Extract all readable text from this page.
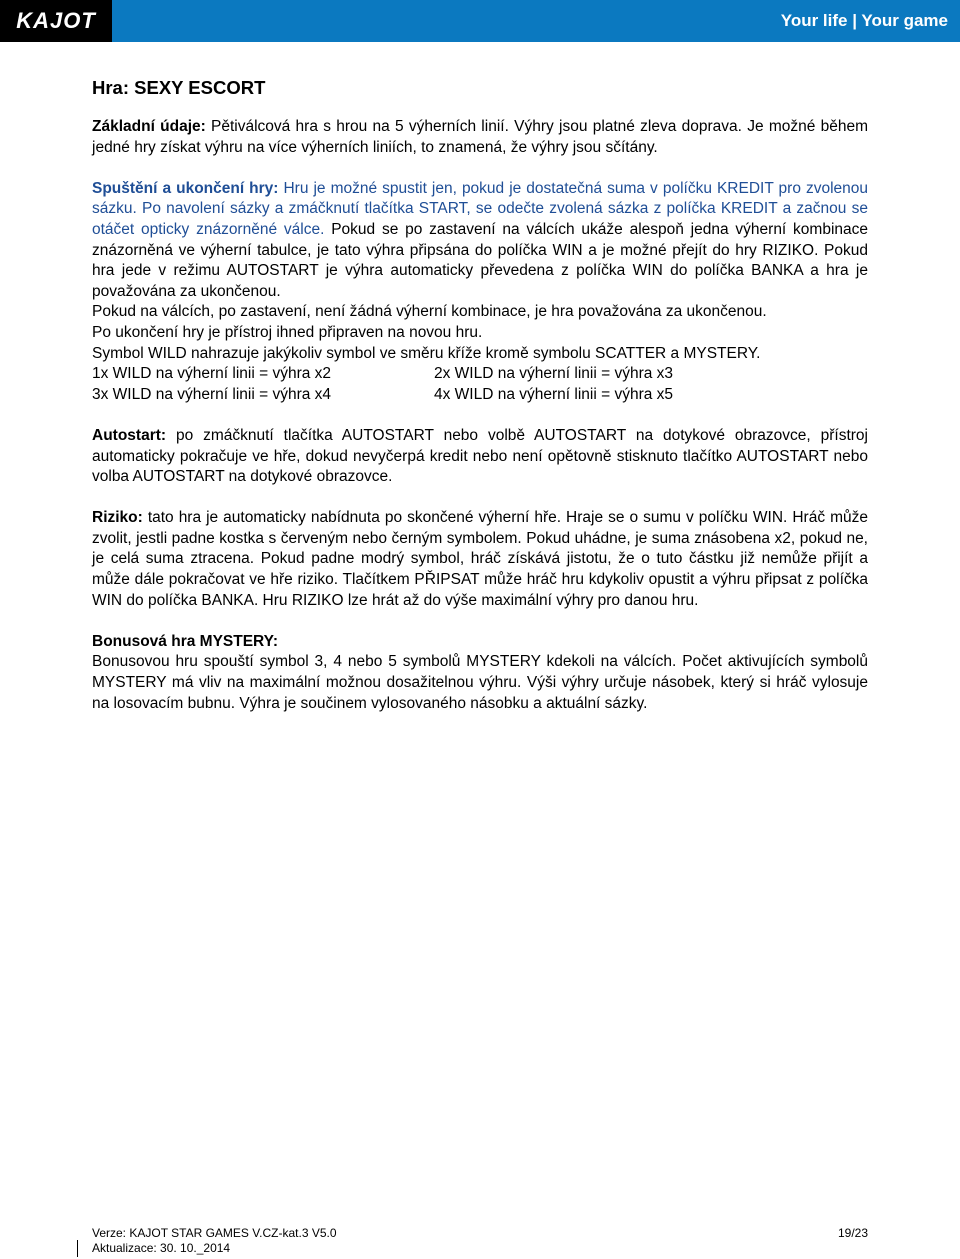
KAJOT	Your life | Your game
Hra: SEXY ESCORT

Základní údaje: Pětiválcová hra s hrou na 5 výherních linií. Výhry jsou platné zleva doprava. Je možné během jedné hry získat výhru na více výherních liniích, to znamená, že výhry jsou sčítány.

Spuštění a ukončení hry: Hru je možné spustit jen, pokud je dostatečná suma v políčku KREDIT pro zvolenou sázku. Po navolení sázky a zmáčknutí tlačítka START, se odečte zvolená sázka z políčka KREDIT a začnou se otáčet opticky znázorněné válce. Pokud se po zastavení na válcích ukáže alespoň jedna výherní kombinace znázorněná ve výherní tabulce, je tato výhra připsána do políčka WIN a je možné přejít do hry RIZIKO. Pokud hra jede v režimu AUTOSTART je výhra automaticky převedena z políčka WIN do políčka BANKA a hra je považována za ukončenou.

Pokud na válcích, po zastavení, není žádná výherní kombinace, je hra považována za ukončenou.

Po ukončení hry je přístroj ihned připraven na novou hru.

Symbol WILD nahrazuje jakýkoliv symbol ve směru kříže kromě symbolu SCATTER a MYSTERY.

1x WILD na výherní linii = výhra x2	2x WILD na výherní linii = výhra x3
3x WILD na výherní linii = výhra x4	4x WILD na výherní linii = výhra x5

Autostart: po zmáčknutí tlačítka AUTOSTART nebo volbě AUTOSTART na dotykové obrazovce, přístroj automaticky pokračuje ve hře, dokud nevyčerpá kredit nebo není opětovně stisknuto tlačítko AUTOSTART nebo volba AUTOSTART na dotykové obrazovce.

Riziko: tato hra je automaticky nabídnuta po skončené výherní hře. Hraje se o sumu v políčku WIN. Hráč může zvolit, jestli padne kostka s červeným nebo černým symbolem. Pokud uhádne, je suma znásobena x2, pokud ne, je celá suma ztracena. Pokud padne modrý symbol, hráč získává jistotu, že o tuto částku již nemůže přijít a může dále pokračovat ve hře riziko. Tlačítkem PŘIPSAT může hráč hru kdykoliv opustit a výhru připsat z políčka WIN do políčka BANKA. Hru RIZIKO lze hrát až do výše maximální výhry pro danou hru.

Bonusová hra MYSTERY:

Bonusovou hru spouští symbol 3, 4 nebo 5 symbolů MYSTERY kdekoli na válcích. Počet aktivujících symbolů MYSTERY má vliv na maximální možnou dosažitelnou výhru. Výši výhry určuje násobek, který si hráč vylosuje na losovacím bubnu. Výhra je součinem vylosovaného násobku a aktuální sázky.

Verze: KAJOT STAR GAMES V.CZ-kat.3 V5.0	19/23
Aktualizace: 30. 10._2014
